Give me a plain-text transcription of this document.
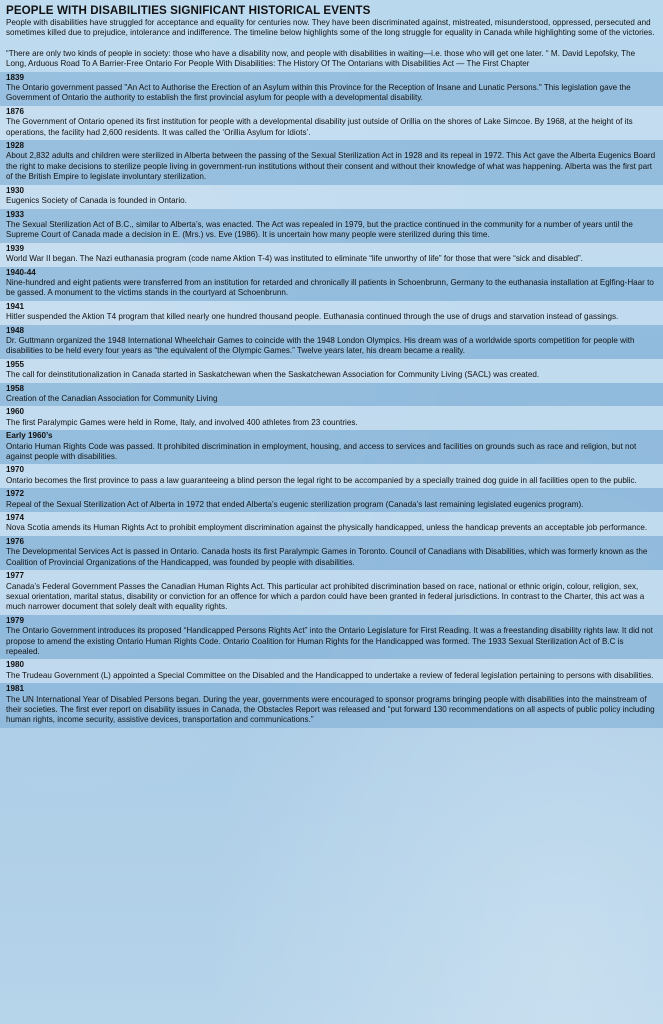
PEOPLE WITH DISABILITIES SIGNIFICANT HISTORICAL EVENTS

People with disabilities have struggled for acceptance and equality for centuries now. They have been discriminated against, mistreated, misunderstood, oppressed, persecuted and sometimes killed due to prejudice, intolerance and indifference. The timeline below highlights some of the long struggle for equality in Canada while highlighting some of the victories.

“There are only two kinds of people in society: those who have a disability now, and people with disabilities in waiting—i.e. those who will get one later. “ M. David Lepofsky, The Long, Arduous Road To A Barrier-Free Ontario For People With Disabilities: The History Of The Ontarians with Disabilities Act — The First Chapter

1839
The Ontario government passed "An Act to Authorise the Erection of an Asylum within this Province for the Reception of Insane and Lunatic Persons." This legislation gave the Government of Ontario the authority to establish the first provincial asylum for people with a developmental disability.
1876
The Government of Ontario opened its first institution for people with a developmental disability just outside of Orillia on the shores of Lake Simcoe. By 1968, at the height of its operations, the facility had 2,600 residents. It was called the ‘Orillia Asylum for Idiots’.
1928
About 2,832 adults and children were sterilized in Alberta between the passing of the Sexual Sterilization Act in 1928 and its repeal in 1972. This Act gave the Alberta Eugenics Board the right to make decisions to sterilize people living in government-run institutions without their consent and without their knowledge of what was happening. Alberta was the first part of the British Empire to legislate involuntary sterilization.
1930
Eugenics Society of Canada is founded in Ontario.
1933
The Sexual Sterilization Act of B.C., similar to Alberta’s, was enacted. The Act was repealed in 1979, but the practice continued in the community for a number of years until the Supreme Court of Canada made a decision in E. (Mrs.) vs. Eve (1986). It is uncertain how many people were sterilized during this time.
1939
World War II began. The Nazi euthanasia program (code name Aktion T-4) was instituted to eliminate “life unworthy of life” for those that were “sick and disabled”.
1940-44
Nine-hundred and eight patients were transferred from an institution for retarded and chronically ill patients in Schoenbrunn, Germany to the euthanasia installation at Eglfing-Haar to be gassed. A monument to the victims stands in the courtyard at Schoenbrunn.
1941
Hitler suspended the Aktion T4 program that killed nearly one hundred thousand people. Euthanasia continued through the use of drugs and starvation instead of gassings.
1948
Dr. Guttmann organized the 1948 International Wheelchair Games to coincide with the 1948 London Olympics. His dream was of a worldwide sports competition for people with disabilities to be held every four years as “the equivalent of the Olympic Games.” Twelve years later, his dream became a reality.
1955
The call for deinstitutionalization in Canada started in Saskatchewan when the Saskatchewan Association for Community Living (SACL) was created.
1958
Creation of the Canadian Association for Community Living
1960
The first Paralympic Games were held in Rome, Italy, and involved 400 athletes from 23 countries.
Early 1960’s
Ontario Human Rights Code was passed. It prohibited discrimination in employment, housing, and access to services and facilities on grounds such as race and religion, but not against people with disabilities.
1970
Ontario becomes the first province to pass a law guaranteeing a blind person the legal right to be accompanied by a specially trained dog guide in all facilities open to the public.
1972
Repeal of the Sexual Sterilization Act of Alberta in 1972 that ended Alberta’s eugenic sterilization program (Canada’s last remaining legislated eugenics program).
1974
Nova Scotia amends its Human Rights Act to prohibit employment discrimination against the physically handicapped, unless the handicap prevents an acceptable job performance.
1976
The Developmental Services Act is passed in Ontario. Canada hosts its first Paralympic Games in Toronto. Council of Canadians with Disabilities, which was formerly known as the Coalition of Provincial Organizations of the Handicapped, was founded by people with disabilities.
1977
Canada’s Federal Government Passes the Canadian Human Rights Act. This particular act prohibited discrimination based on race, national or ethnic origin, colour, religion, sex, sexual orientation, marital status, disability or conviction for an offence for which a pardon could have been granted in federal jurisdictions. In contrast to the Charter, this act was a much narrower document that solely dealt with equality rights.
1979
The Ontario Government introduces its proposed “Handicapped Persons Rights Act” into the Ontario Legislature for First Reading. It was a freestanding disability rights law. It did not propose to amend the existing Ontario Human Rights Code. Ontario Coalition for Human Rights for the Handicapped was formed. The 1933 Sexual Sterilization Act of B.C is repealed.
1980
The Trudeau Government (L) appointed a Special Committee on the Disabled and the Handicapped to undertake a review of federal legislation pertaining to persons with disabilities.
1981
The UN International Year of Disabled Persons began. During the year, governments were encouraged to sponsor programs bringing people with disabilities into the mainstream of their societies. The first ever report on disability issues in Canada, the Obstacles Report was released and “put forward 130 recommendations on all aspects of public policy including human rights, income security, assistive devices, transportation and communications.”
